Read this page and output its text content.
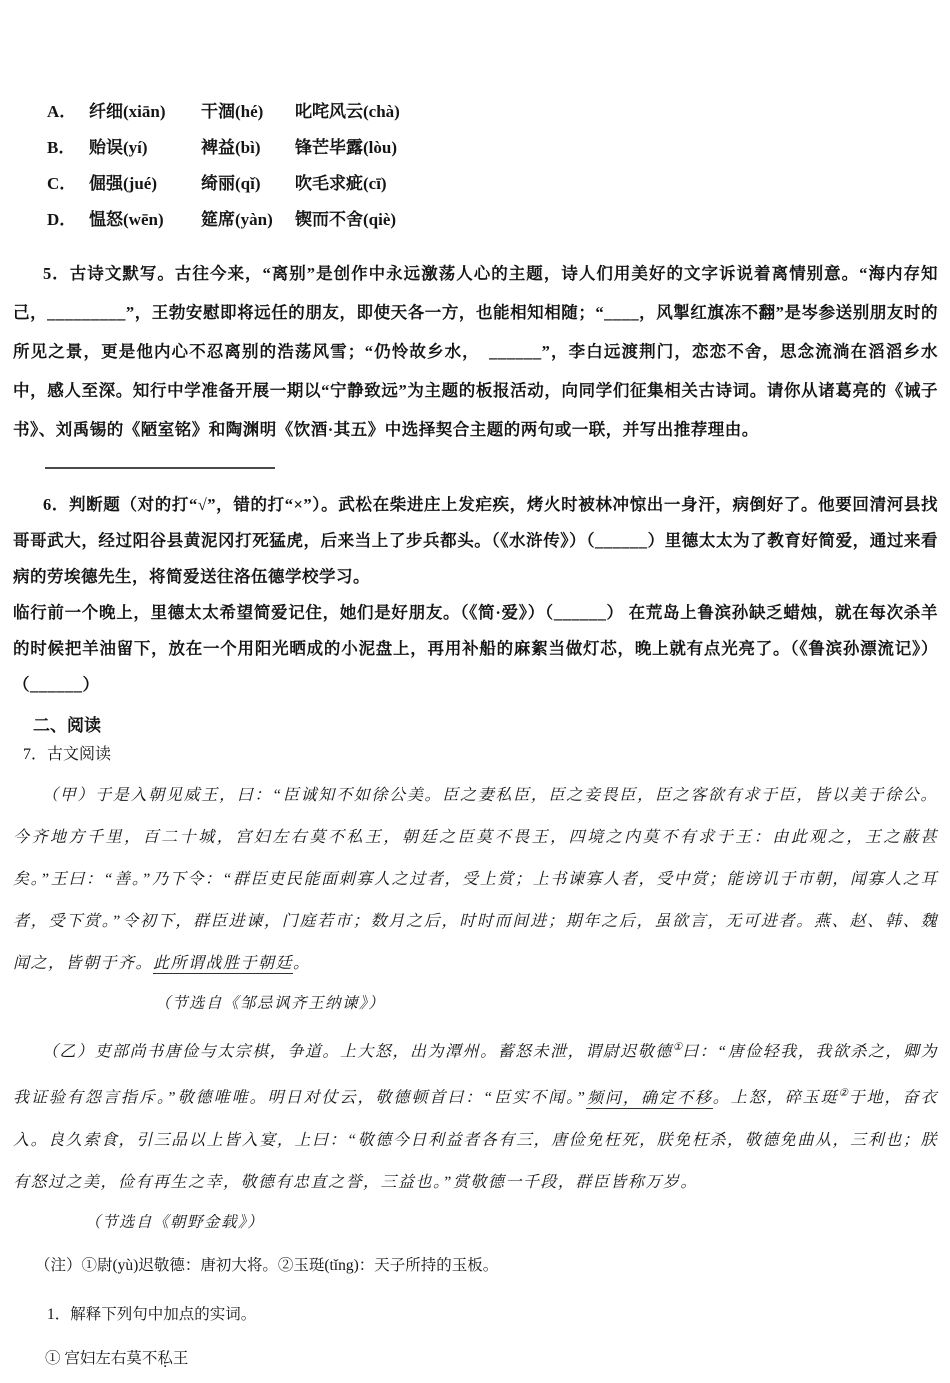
A． 纤细(xiān)	干涸(hé)	叱咤风云(chà)
B． 贻误(yí)	裨益(bì)	锋芒毕露(lòu)
C． 倔强(jué)	绮丽(qǐ)	吹毛求疵(cī)
D． 愠怒(wēn)	筵席(yàn)	锲而不舍(qiè)

5．古诗文默写。古往今来，“离别”是创作中永远激荡人心的主题，诗人们用美好的文字诉说着离情别意。“海内存知己，_________”，王勃安慰即将远任的朋友，即使天各一方，也能相知相随；“____，风掣红旗冻不翻”是岑参送别朋友时的所见之景，更是他内心不忍离别的浩荡风雪；“仍怜故乡水，　______”，李白远渡荆门，恋恋不舍，思念流淌在滔滔乡水中，感人至深。知行中学准备开展一期以“宁静致远”为主题的板报活动，向同学们征集相关古诗词。请你从诸葛亮的《诫子书》、刘禹锡的《陋室铭》和陶渊明《饮酒·其五》中选择契合主题的两句或一联，并写出推荐理由。

6．判断题（对的打“√”，错的打“×”）。武松在柴进庄上发疟疾，烤火时被林冲惊出一身汗，病倒好了。他要回清河县找哥哥武大，经过阳谷县黄泥冈打死猛虎，后来当上了步兵都头。（《水浒传》）（______）里德太太为了教育好简爱，通过来看病的劳埃德先生，将简爱送往洛伍德学校学习。

临行前一个晚上，里德太太希望简爱记住，她们是好朋友。（《简·爱》）（______） 在荒岛上鲁滨孙缺乏蜡烛，就在每次杀羊的时候把羊油留下，放在一个用阳光晒成的小泥盘上，再用补船的麻絮当做灯芯，晚上就有点光亮了。（《鲁滨孙漂流记》）（______）

二、阅读
7．古文阅读

（甲）于是入朝见威王，曰：“臣诚知不如徐公美。臣之妻私臣，臣之妾畏臣，臣之客欲有求于臣，皆以美于徐公。今齐地方千里，百二十城，宫妇左右莫不私王，朝廷之臣莫不畏王，四境之内莫不有求于王：由此观之，王之蔽甚矣。”王曰：“善。”乃下令：“群臣吏民能面刺寡人之过者，受上赏；上书谏寡人者，受中赏；能谤讥于市朝，闻寡人之耳者，受下赏。”令初下，群臣进谏，门庭若市；数月之后，时时而间进；期年之后，虽欲言，无可进者。燕、赵、韩、魏闻之，皆朝于齐。此所谓战胜于朝廷。

（节选自《邹忌讽齐王纳谏》）

（乙）吏部尚书唐俭与太宗棋，争道。上大怒，出为潭州。蓄怒未泄，谓尉迟敬德①曰：“唐俭轻我，我欲杀之，卿为我证验有怨言指斥。”敬德唯唯。明日对仗云，敬德顿首曰：“臣实不闻。”频问，确定不移。上怒，碎玉珽②于地，奋衣入。良久索食，引三品以上皆入宴，上曰：“敬德今日利益者各有三，唐俭免枉死，朕免枉杀，敬德免曲从，三利也；朕有怒过之美，俭有再生之幸，敬德有忠直之誉，三益也。”赏敬德一千段，群臣皆称万岁。

（节选自《朝野金载》）

（注）①尉(yù)迟敬德：唐初大将。②玉珽(tǐng)：天子所持的玉板。

1．解释下列句中加点的实词。

① 宫妇左右莫不私王
